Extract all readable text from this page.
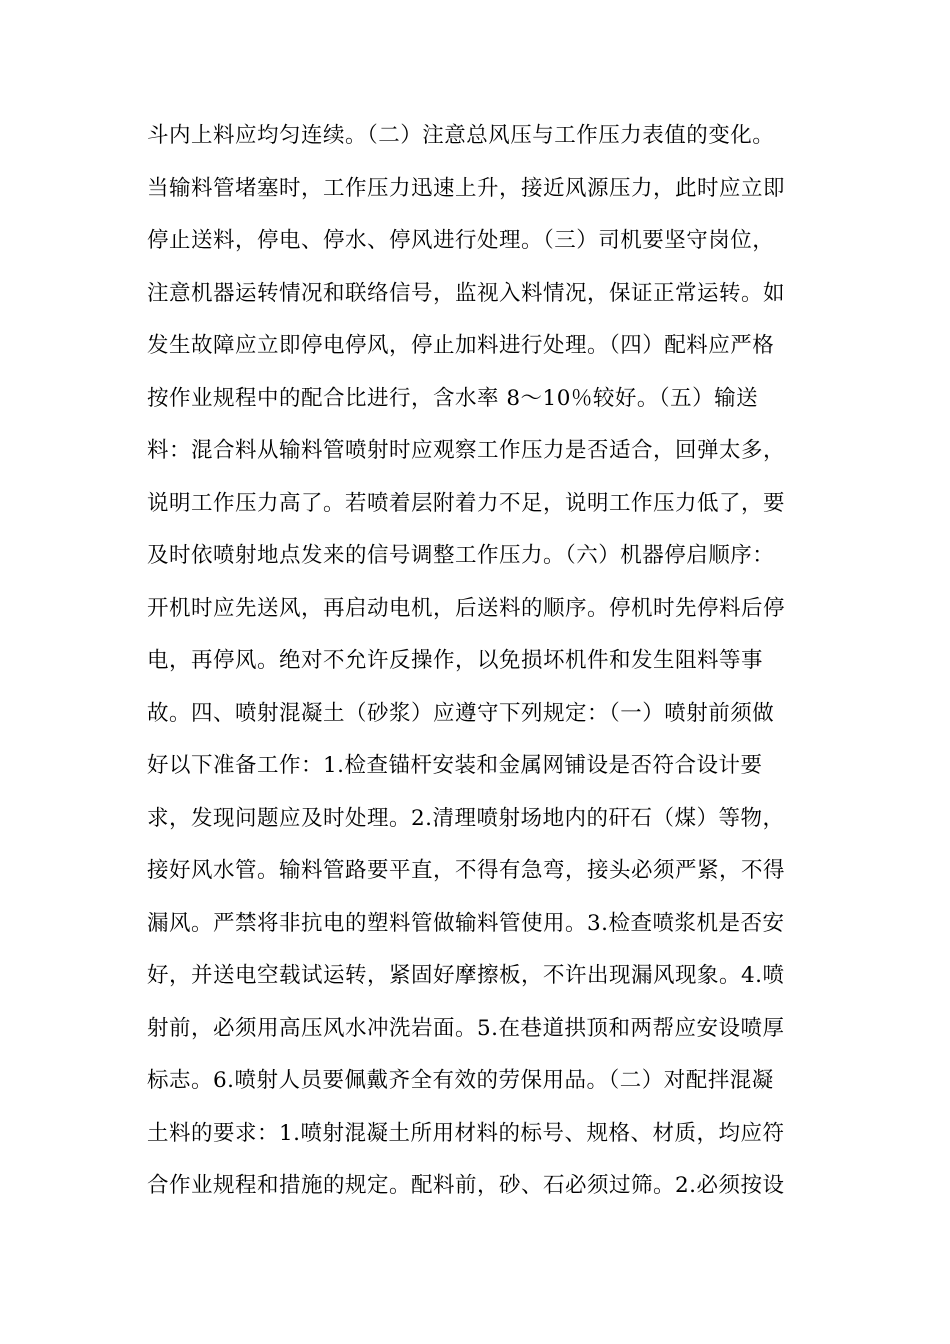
斗内上料应均匀连续。（二）注意总风压与工作压力表值的变化。
当输料管堵塞时，工作压力迅速上升，接近风源压力，此时应立即
停止送料，停电、停水、停风进行处理。（三）司机要坚守岗位，
注意机器运转情况和联络信号，监视入料情况，保证正常运转。如
发生故障应立即停电停风，停止加料进行处理。（四）配料应严格
按作业规程中的配合比进行，含水率 8～10％较好。（五）输送
料：混合料从输料管喷射时应观察工作压力是否适合，回弹太多，
说明工作压力高了。若喷着层附着力不足，说明工作压力低了，要
及时依喷射地点发来的信号调整工作压力。（六）机器停启顺序：
开机时应先送风，再启动电机，后送料的顺序。停机时先停料后停
电，再停风。绝对不允许反操作，以免损坏机件和发生阻料等事
故。四、喷射混凝土（砂浆）应遵守下列规定：（一）喷射前须做
好以下准备工作：1.检查锚杆安装和金属网铺设是否符合设计要
求，发现问题应及时处理。2.清理喷射场地内的矸石（煤）等物，
接好风水管。输料管路要平直，不得有急弯，接头必须严紧，不得
漏风。严禁将非抗电的塑料管做输料管使用。3.检查喷浆机是否安
好，并送电空载试运转，紧固好摩擦板，不许出现漏风现象。4.喷
射前，必须用高压风水冲洗岩面。5.在巷道拱顶和两帮应安设喷厚
标志。6.喷射人员要佩戴齐全有效的劳保用品。（二）对配拌混凝
土料的要求：1.喷射混凝土所用材料的标号、规格、材质，均应符
合作业规程和措施的规定。配料前，砂、石必须过筛。2.必须按设
